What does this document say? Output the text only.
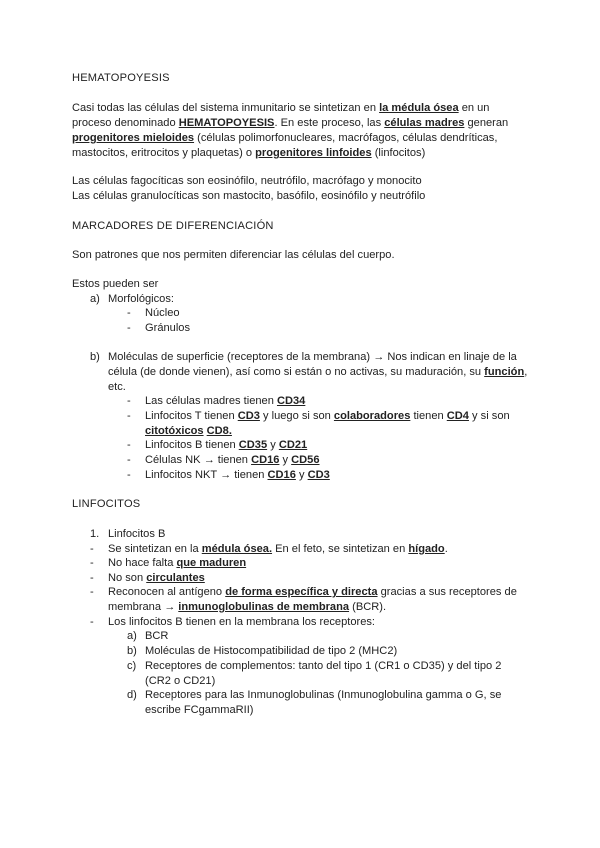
HEMATOPOYESIS

Casi todas las células del sistema inmunitario se sintetizan en la médula ósea en un proceso denominado HEMATOPOYESIS. En este proceso, las células madres generan progenitores mieloides (células polimorfonucleares, macrófagos, células dendríticas, mastocitos, eritrocitos y plaquetas) o progenitores linfoides (linfocitos)

Las células fagocíticas son eosinófilo, neutrófilo, macrófago y monocito

Las células granulocíticas son mastocito, basófilo, eosinófilo y neutrófilo

MARCADORES DE DIFERENCIACIÓN

Son patrones que nos permiten diferenciar las células del cuerpo.

Estos pueden ser

a) Morfológicos:
- Núcleo
- Gránulos
b) Moléculas de superficie (receptores de la membrana) → Nos indican en linaje de la célula (de donde vienen), así como si están o no activas, su maduración, su función, etc.

- Las células madres tienen CD34
- Linfocitos T tienen CD3 y luego si son colaboradores tienen CD4 y si son citotóxicos CD8.

- Linfocitos B tienen CD35 y CD21
- Células NK → tienen CD16 y CD56
- Linfocitos NKT → tienen CD16 y CD3
LINFOCITOS
1. Linfocitos B
- Se sintetizan en la médula ósea. En el feto, se sintetizan en hígado.
- No hace falta que maduren
- No son circulantes
- Reconocen al antígeno de forma específica y directa gracias a sus receptores de membrana → inmunoglobulinas de membrana (BCR).

- Los linfocitos B tienen en la membrana los receptores:
a) BCR
b) Moléculas de Histocompatibilidad de tipo 2 (MHC2)
c) Receptores de complementos: tanto del tipo 1 (CR1 o CD35) y del tipo 2 (CR2 o CD21)

d) Receptores para las Inmunoglobulinas (Inmunoglobulina gamma o G, se escribe FCgammaRII)
